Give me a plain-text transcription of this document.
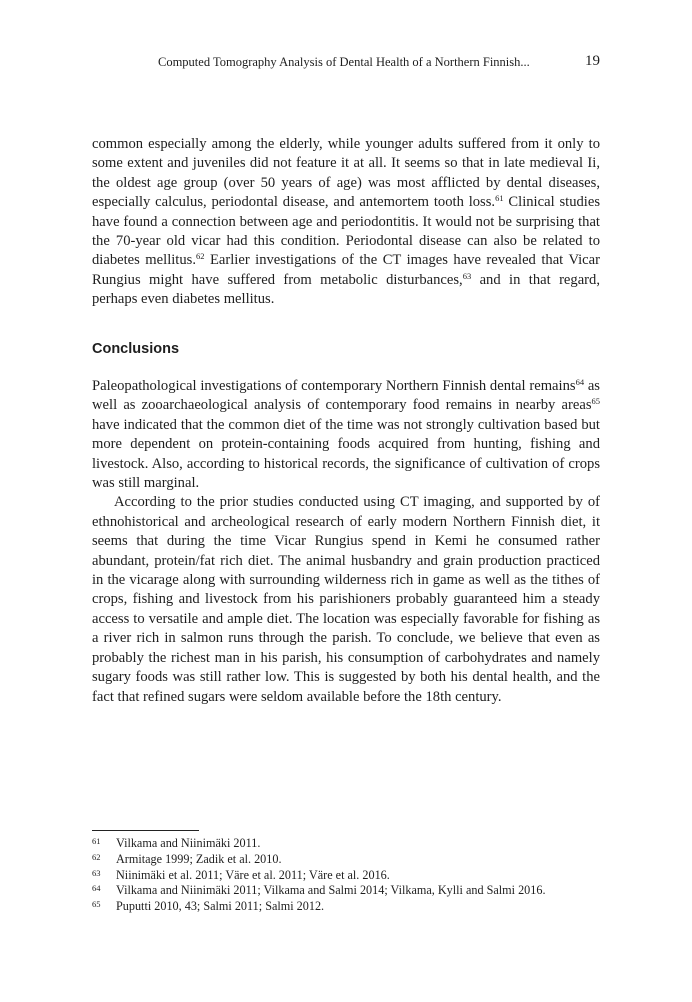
Computed Tomography Analysis of Dental Health of a Northern Finnish...	19

common especially among the elderly, while younger adults suffered from it only to some extent and juveniles did not feature it at all. It seems so that in late medieval Ii, the oldest age group (over 50 years of age) was most afflicted by dental diseases, especially calculus, periodontal disease, and antemortem tooth loss.$^{61}$ Clinical studies have found a connection between age and periodontitis. It would not be surprising that the 70-year old vicar had this condition. Periodontal disease can also be related to diabetes mellitus.$^{62}$ Earlier investigations of the CT images have revealed that Vicar Rungius might have suffered from metabolic disturbances,$^{63}$ and in that regard, perhaps even diabetes mellitus.

Conclusions

Paleopathological investigations of contemporary Northern Finnish dental remains$^{64}$ as well as zooarchaeological analysis of contemporary food remains in nearby areas$^{65}$ have indicated that the common diet of the time was not strongly cultivation based but more dependent on protein-containing foods acquired from hunting, fishing and livestock. Also, according to historical records, the significance of cultivation of crops was still marginal.

According to the prior studies conducted using CT imaging, and supported by of ethnohistorical and archeological research of early modern Northern Finnish diet, it seems that during the time Vicar Rungius spend in Kemi he consumed rather abundant, protein/fat rich diet. The animal husbandry and grain production practiced in the vicarage along with surrounding wilderness rich in game as well as the tithes of crops, fishing and livestock from his parishioners probably guaranteed him a steady access to versatile and ample diet. The location was especially favorable for fishing as a river rich in salmon runs through the parish. To conclude, we believe that even as probably the richest man in his parish, his consumption of carbohydrates and namely sugary foods was still rather low. This is suggested by both his dental health, and the fact that refined sugars were seldom available before the 18th century.

61 Vilkama and Niinimäki 2011.
62 Armitage 1999; Zadik et al. 2010.
63 Niinimäki et al. 2011; Väre et al. 2011; Väre et al. 2016.
64 Vilkama and Niinimäki 2011; Vilkama and Salmi 2014; Vilkama, Kylli and Salmi 2016.
65 Puputti 2010, 43; Salmi 2011; Salmi 2012.
